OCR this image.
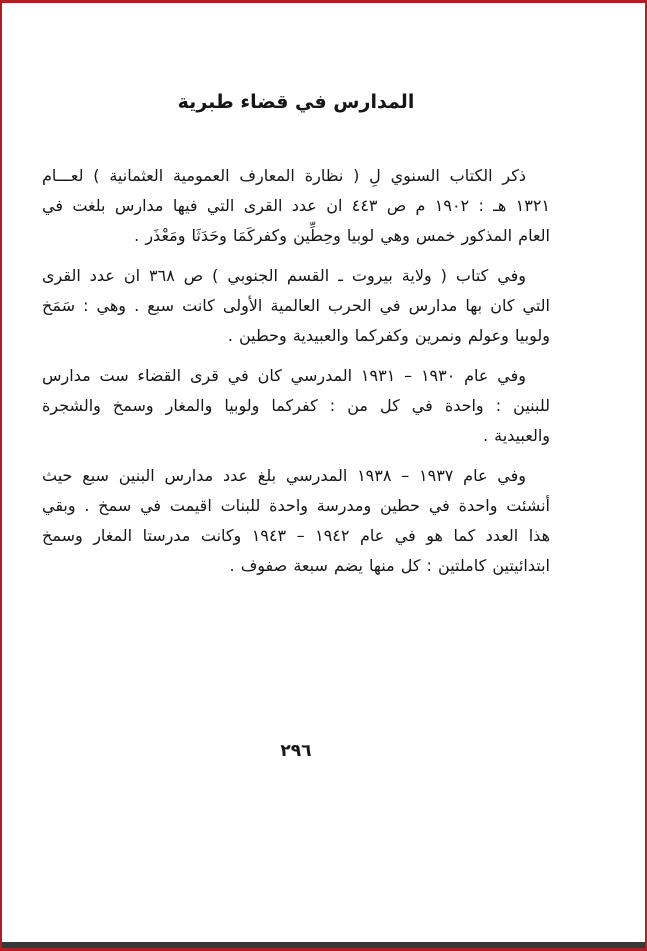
المدارس في قضاء طبرية
ذكر الكتاب السنوي لِ ( نظارة المعارف العمومية العثمانية ) لعـــام
١٣٢١ هـ : ١٩٠٢ م ص ٤٤٣ ان عدد القرى التي فيها مدارس بلغت في
العام المذكور خمس وهي لوبيا وحِطِّين وكفركَمَا وحَدَثَا ومَعْذَر .
وفي كتاب ( ولاية بيروت ـ القسم الجنوبي ) ص ٣٦٨ ان عدد القرى
التي كان بها مدارس في الحرب العالمية الأولى كانت سبع . وهي : سَمَخ
ولوبيا وعولم ونمرين وكفركما والعبيدية وحطين .
وفي عام ١٩٣٠ – ١٩٣١ المدرسي كان في قرى القضاء ست مدارس
للبنين : واحدة في كل من : كفركما ولوبيا والمغار وسمخ والشجرة
والعبيدية .
وفي عام ١٩٣٧ – ١٩٣٨ المدرسي بلغ عدد مدارس البنين سبع حيث
أنشئت واحدة في حطين ومدرسة واحدة للبنات اقيمت في سمخ . وبقي
هذا العدد كما هو في عام ١٩٤٢ – ١٩٤٣ وكانت مدرستا المغار وسمخ
ابتدائيتين كاملتين : كل منها يضم سبعة صفوف .
٢٩٦
